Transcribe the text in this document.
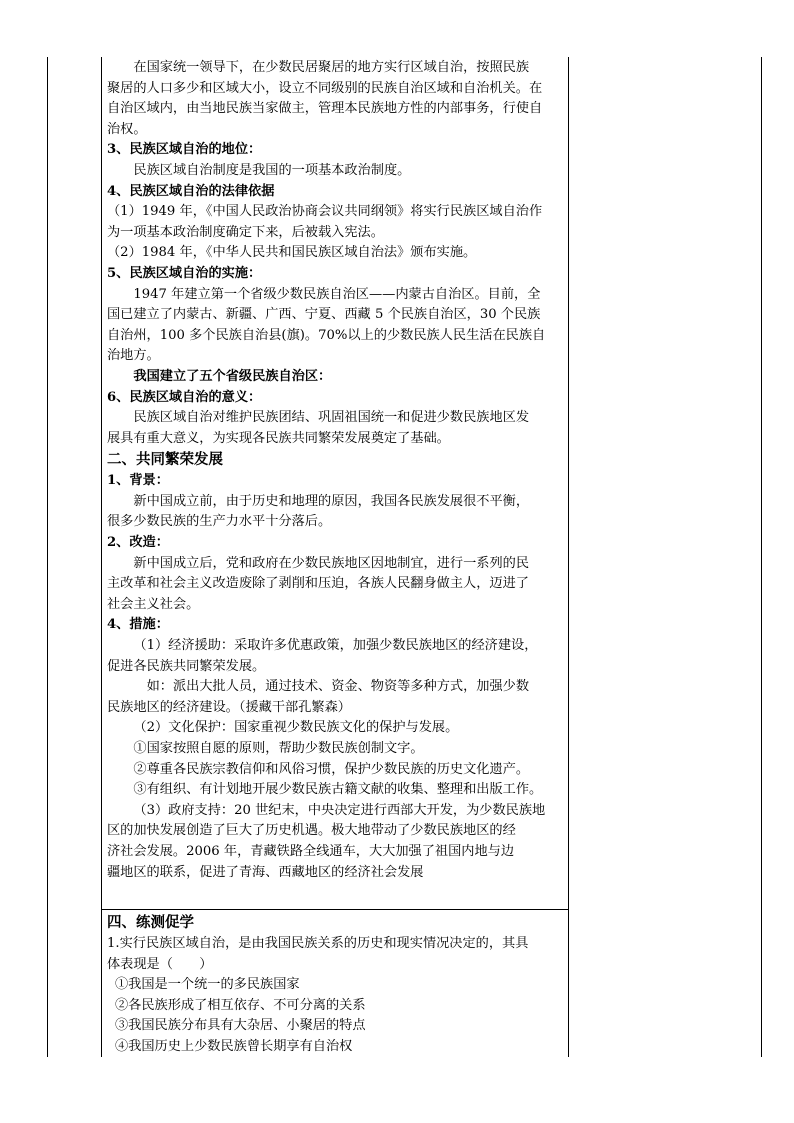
在国家统一领导下，在少数民居聚居的地方实行区域自治，按照民族

聚居的人口多少和区域大小，设立不同级别的民族自治区域和自治机关。在

自治区域内，由当地民族当家做主，管理本民族地方性的内部事务，行使自

治权。

3、民族区域自治的地位：

民族区域自治制度是我国的一项基本政治制度。

4、民族区域自治的法律依据

（1）1949 年，《中国人民政治协商会议共同纲领》将实行民族区域自治作

为一项基本政治制度确定下来，后被载入宪法。

（2）1984 年，《中华人民共和国民族区域自治法》颁布实施。

5、民族区域自治的实施：

1947 年建立第一个省级少数民族自治区——内蒙古自治区。目前，全

国已建立了内蒙古、新疆、广西、宁夏、西藏 5 个民族自治区，30 个民族

自治州，100 多个民族自治县(旗)。70%以上的少数民族人民生活在民族自

治地方。

我国建立了五个省级民族自治区：

6、民族区域自治的意义：

民族区域自治对维护民族团结、巩固祖国统一和促进少数民族地区发

展具有重大意义，为实现各民族共同繁荣发展奠定了基础。

二、共同繁荣发展

1、背景：

新中国成立前，由于历史和地理的原因，我国各民族发展很不平衡，

很多少数民族的生产力水平十分落后。

2、改造：

新中国成立后，党和政府在少数民族地区因地制宜，进行一系列的民

主改革和社会主义改造废除了剥削和压迫，各族人民翻身做主人，迈进了

社会主义社会。

4、措施：

（1）经济援助：采取许多优惠政策，加强少数民族地区的经济建设，

促进各民族共同繁荣发展。

　如：派出大批人员，通过技术、资金、物资等多种方式，加强少数

民族地区的经济建设。（援藏干部孔繁森）

（2）文化保护：国家重视少数民族文化的保护与发展。

①国家按照自愿的原则，帮助少数民族创制文字。

②尊重各民族宗教信仰和风俗习惯，保护少数民族的历史文化遗产。

③有组织、有计划地开展少数民族古籍文献的收集、整理和出版工作。

（3）政府支持：20 世纪末，中央决定进行西部大开发，为少数民族地

区的加快发展创造了巨大了历史机遇。极大地带动了少数民族地区的经

济社会发展。2006 年，青藏铁路全线通车，大大加强了祖国内地与边

疆地区的联系，促进了青海、西藏地区的经济社会发展

四、练测促学

1.实行民族区域自治，是由我国民族关系的历史和现实情况决定的，其具

体表现是（　　）

①我国是一个统一的多民族国家

②各民族形成了相互依存、不可分离的关系

③我国民族分布具有大杂居、小聚居的特点

④我国历史上少数民族曾长期享有自治权
